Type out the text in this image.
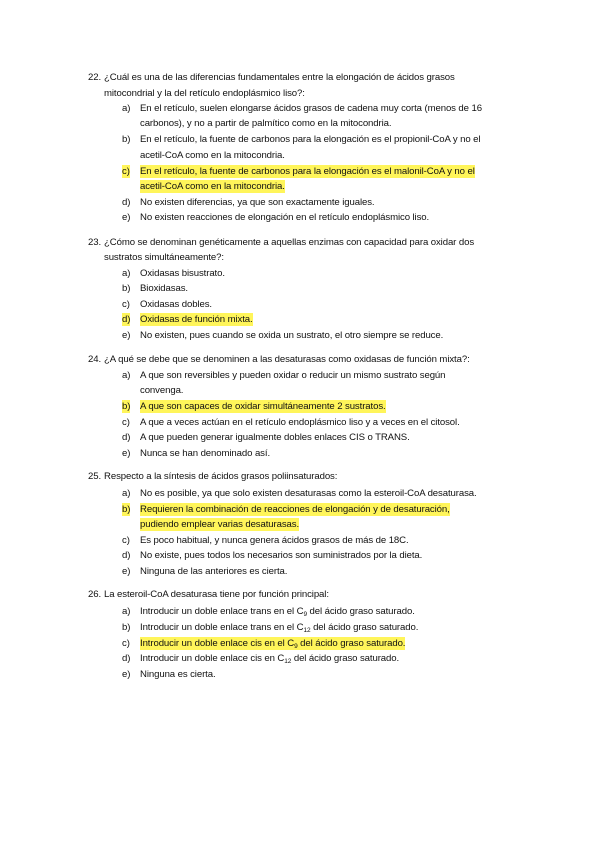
22. ¿Cuál es una de las diferencias fundamentales entre la elongación de ácidos grasos
mitocondrial y la del retículo endoplásmico liso?:
a) En el retículo, suelen elongarse ácidos grasos de cadena muy corta (menos de 16
carbonos), y no a partir de palmítico como en la mitocondria.
b) En el retículo, la fuente de carbonos para la elongación es el propionil-CoA y no el
acetil-CoA como en la mitocondria.
c) En el retículo, la fuente de carbonos para la elongación es el malonil-CoA y no el
acetil-CoA como en la mitocondria.
d) No existen diferencias, ya que son exactamente iguales.
e) No existen reacciones de elongación en el retículo endoplásmico liso.
23. ¿Cómo se denominan genéticamente a aquellas enzimas con capacidad para oxidar dos
sustratos simultáneamente?:
a) Oxidasas bisustrato.
b) Bioxidasas.
c) Oxidasas dobles.
d) Oxidasas de función mixta.
e) No existen, pues cuando se oxida un sustrato, el otro siempre se reduce.
24. ¿A qué se debe que se denominen a las desaturasas como oxidasas de función mixta?:
a) A que son reversibles y pueden oxidar o reducir un mismo sustrato según
convenga.
b) A que son capaces de oxidar simultáneamente 2 sustratos.
c) A que a veces actúan en el retículo endoplásmico liso y a veces en el citosol.
d) A que pueden generar igualmente dobles enlaces CIS o TRANS.
e) Nunca se han denominado así.
25. Respecto a la síntesis de ácidos grasos poliinsaturados:
a) No es posible, ya que solo existen desaturasas como la esteroil-CoA desaturasa.
b) Requieren la combinación de reacciones de elongación y de desaturación,
pudiendo emplear varias desaturasas.
c) Es poco habitual, y nunca genera ácidos grasos de más de 18C.
d) No existe, pues todos los necesarios son suministrados por la dieta.
e) Ninguna de las anteriores es cierta.
26. La esteroil-CoA desaturasa tiene por función principal:
a) Introducir un doble enlace trans en el $C_9$ del ácido graso saturado.
b) Introducir un doble enlace trans en el $C_{12}$ del ácido graso saturado.
c) Introducir un doble enlace cis en el $C_9$ del ácido graso saturado.
d) Introducir un doble enlace cis en $C_{12}$ del ácido graso saturado.
e) Ninguna es cierta.
